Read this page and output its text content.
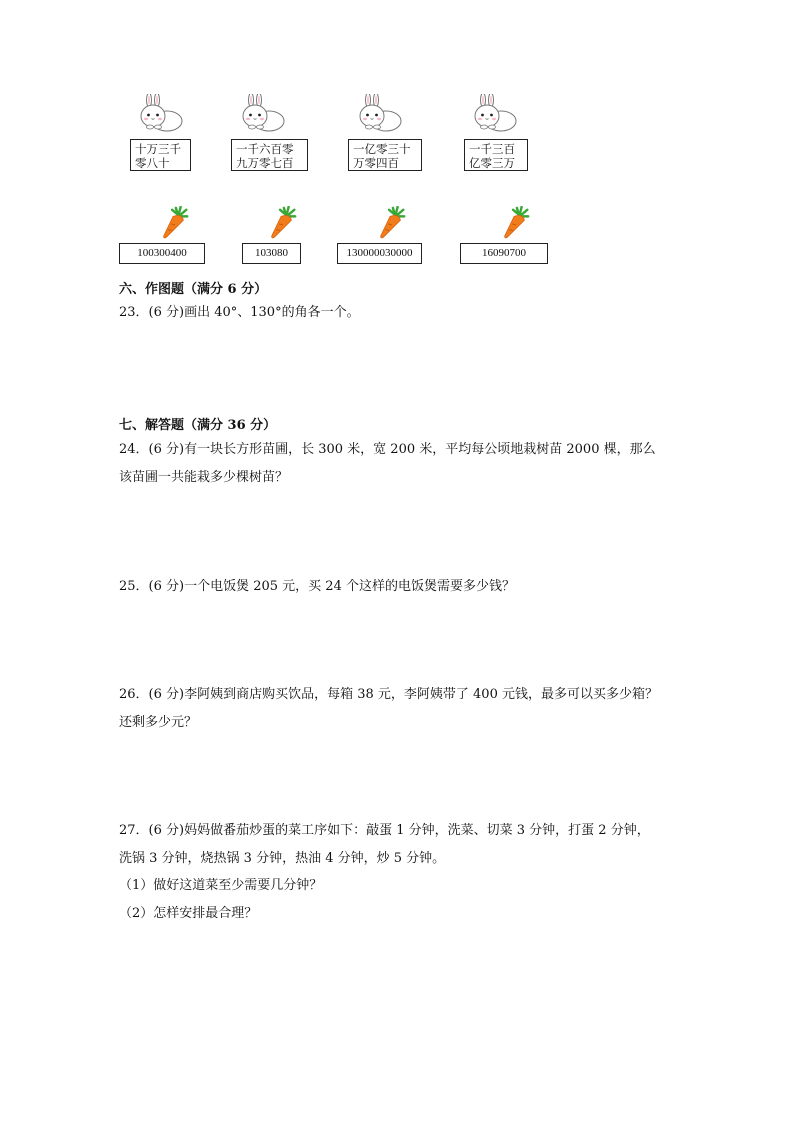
十万三千
零八十
一千六百零
九万零七百
一亿零三十
万零四百
一千三百
亿零三万
100300400	103080	130000030000	16090700
六、作图题（满分 6 分）
23．(6 分)画出 40°、130°的角各一个。
七、解答题（满分 36 分）
24．(6 分)有一块长方形苗圃，长 300 米，宽 200 米，平均每公顷地栽树苗 2000 棵，那么
该苗圃一共能栽多少棵树苗？
25．(6 分)一个电饭煲 205 元，买 24 个这样的电饭煲需要多少钱？
26．(6 分)李阿姨到商店购买饮品，每箱 38 元，李阿姨带了 400 元钱，最多可以买多少箱？
还剩多少元？
27．(6 分)妈妈做番茄炒蛋的菜工序如下：敲蛋 1 分钟，洗菜、切菜 3 分钟，打蛋 2 分钟，
洗锅 3 分钟，烧热锅 3 分钟，热油 4 分钟，炒 5 分钟。
（1）做好这道菜至少需要几分钟？
（2）怎样安排最合理？
